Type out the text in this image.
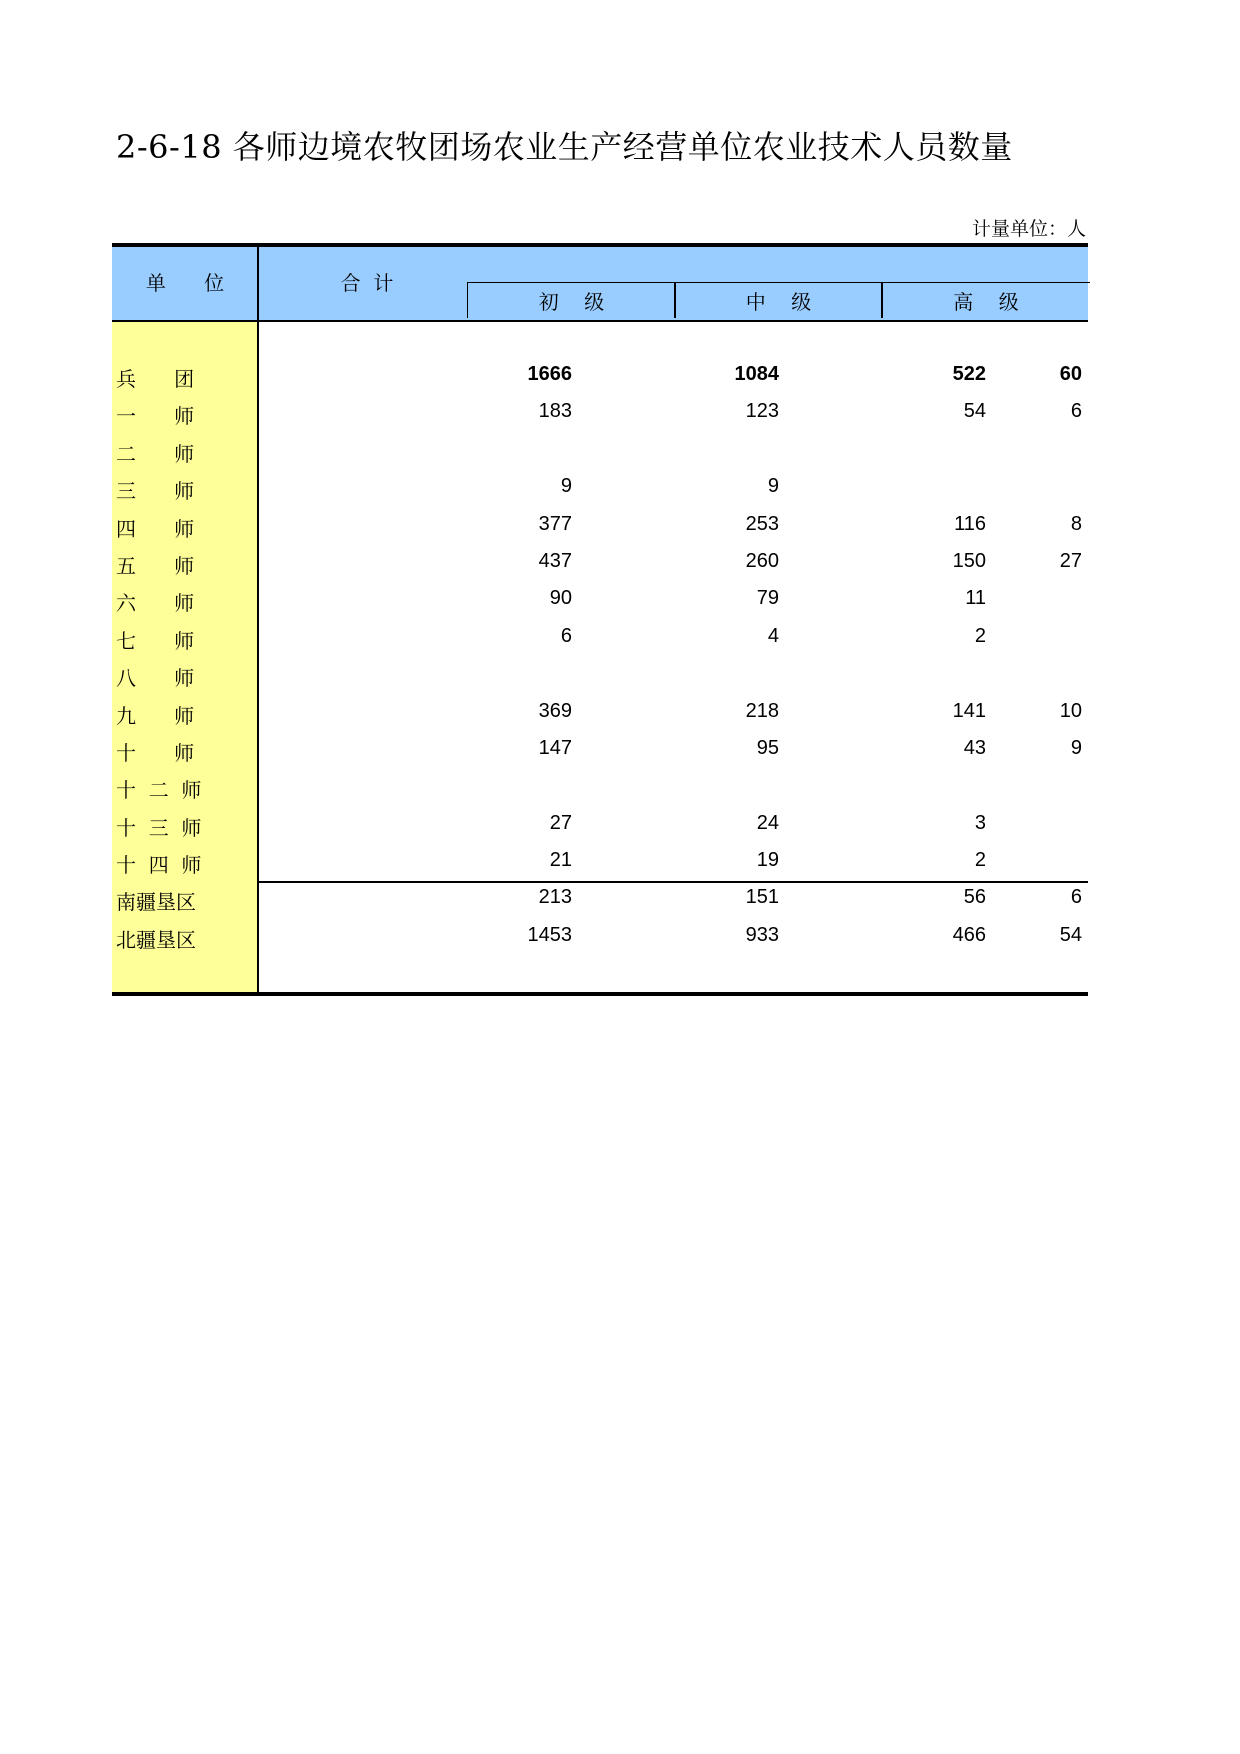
2-6-18 各师边境农牧团场农业生产经营单位农业技术人员数量
计量单位：人
单      位	合  计
初    级	中    级	高    级
兵      团	1666	1084	522	60
一      师	183	123	54	6
二      师
三      师	9	9
四      师	377	253	116	8
五      师	437	260	150	27
六      师	90	79	11
七      师	6	4	2
八      师
九      师	369	218	141	10
十      师	147	95	43	9
十  二  师
十  三  师	27	24	3
十  四  师	21	19	2
南疆垦区	213	151	56	6
北疆垦区	1453	933	466	54
